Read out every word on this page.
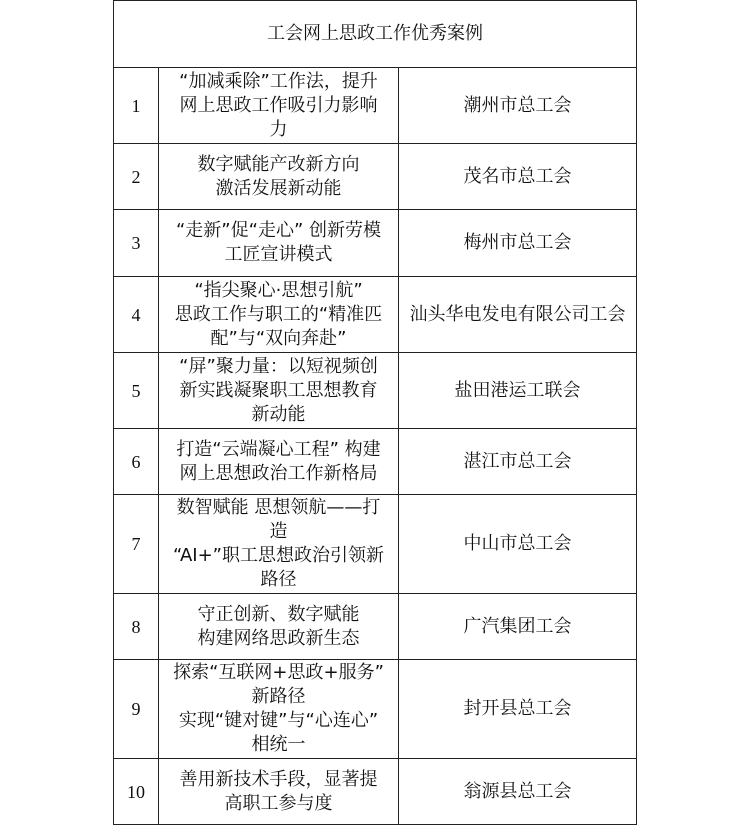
工会网上思政工作优秀案例		
1	“加减乘除”工作法，提升
网上思政工作吸引力影响
力	潮州市总工会
2	数字赋能产改新方向
激活发展新动能	茂名市总工会
3	“走新”促“走心” 创新劳模
工匠宣讲模式	梅州市总工会
4	“指尖聚心·思想引航”
思政工作与职工的“精准匹
配”与“双向奔赴”	汕头华电发电有限公司工会
5	“屏”聚力量：以短视频创
新实践凝聚职工思想教育
新动能	盐田港运工联会
6	打造“云端凝心工程” 构建
网上思想政治工作新格局	湛江市总工会
7	数智赋能 思想领航——打
造
“AI+”职工思想政治引领新
路径	中山市总工会
8	守正创新、数字赋能
构建网络思政新生态	广汽集团工会
9	探索“互联网+思政+服务”
新路径
实现“键对键”与“心连心”
相统一	封开县总工会
10	善用新技术手段，显著提
高职工参与度	翁源县总工会
